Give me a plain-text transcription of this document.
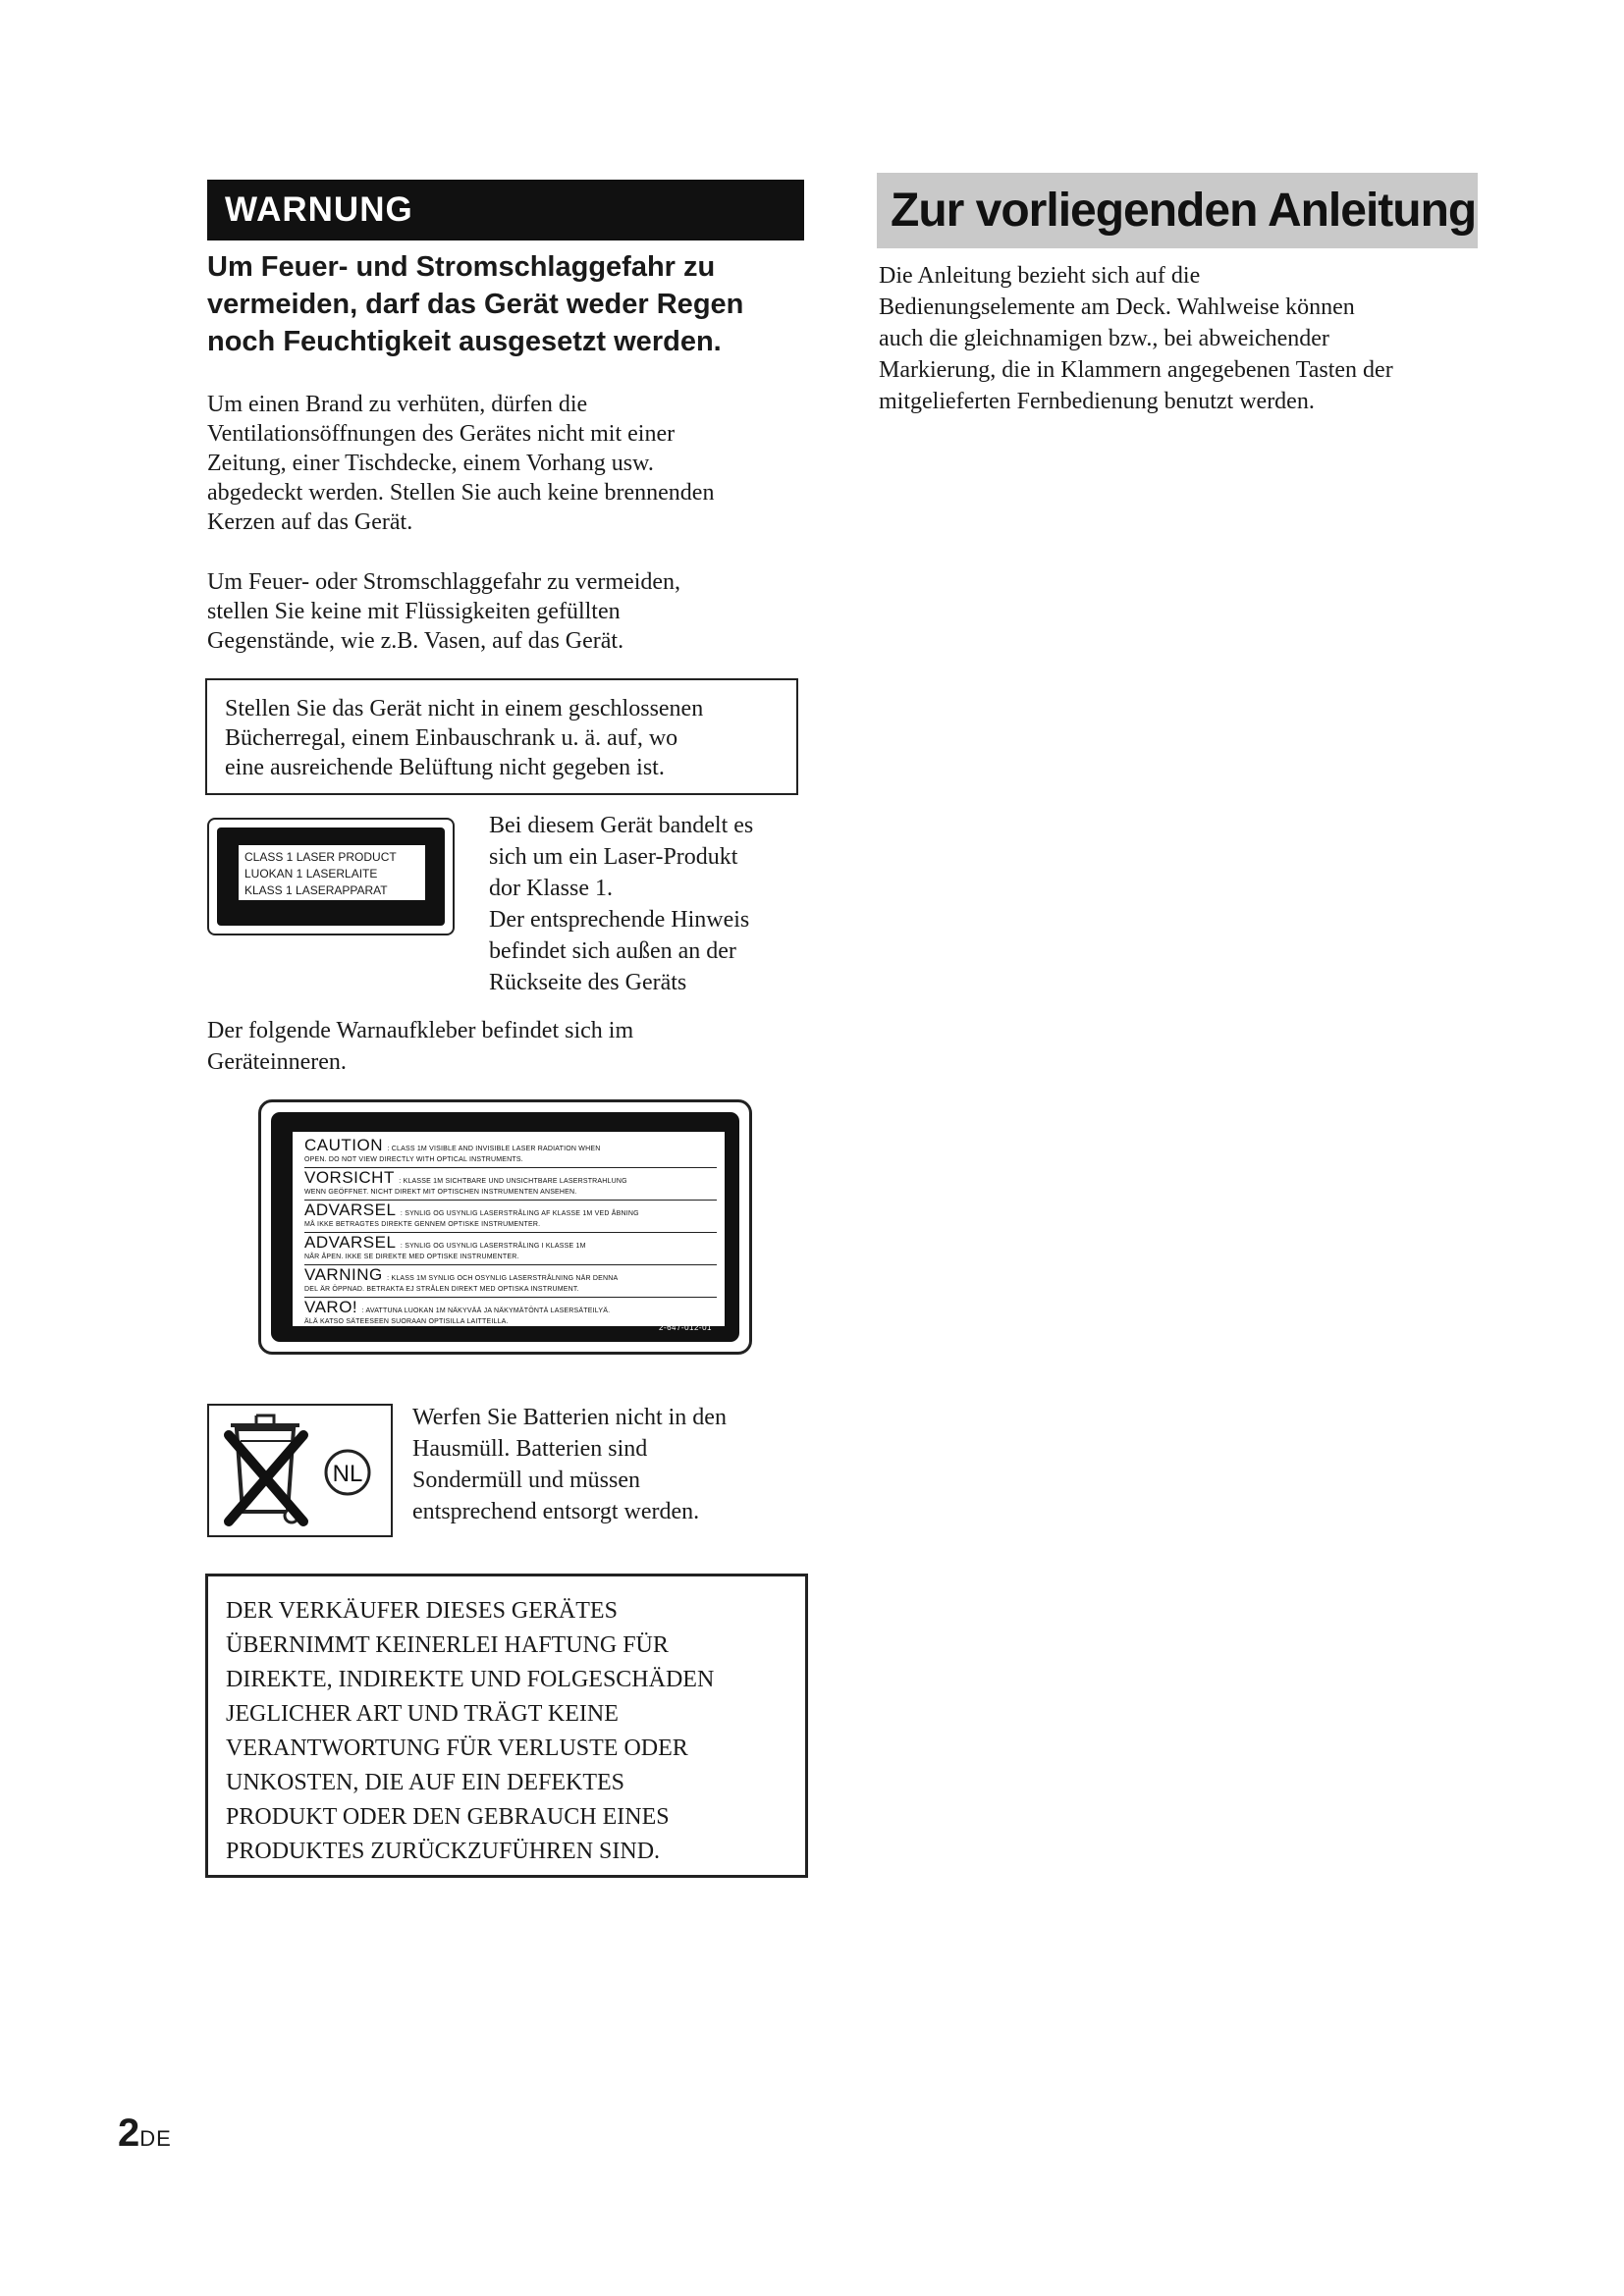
WARNUNG
Um Feuer- und Stromschlaggefahr zu
vermeiden, darf das Gerät weder Regen
noch Feuchtigkeit ausgesetzt werden.
Um einen Brand zu verhüten, dürfen die
Ventilationsöffnungen des Gerätes nicht mit einer
Zeitung, einer Tischdecke, einem Vorhang usw.
abgedeckt werden. Stellen Sie auch keine brennenden
Kerzen auf das Gerät.
Um Feuer- oder Stromschlaggefahr zu vermeiden,
stellen Sie keine mit Flüssigkeiten gefüllten
Gegenstände, wie z.B. Vasen, auf das Gerät.
Stellen Sie das Gerät nicht in einem geschlossenen
Bücherregal, einem Einbauschrank u. ä. auf, wo
eine ausreichende Belüftung nicht gegeben ist.
CLASS 1 LASER PRODUCT
LUOKAN 1 LASERLAITE
KLASS 1 LASERAPPARAT
Bei diesem Gerät bandelt es
sich um ein Laser-Produkt
dor Klasse 1.
Der entsprechende Hinweis
befindet sich außen an der
Rückseite des Geräts
Der folgende Warnaufkleber befindet sich im
Geräteinneren.
CAUTION : CLASS 1M VISIBLE AND INVISIBLE LASER RADIATION WHEN
OPEN. DO NOT VIEW DIRECTLY WITH OPTICAL INSTRUMENTS.
VORSICHT : KLASSE 1M SICHTBARE UND UNSICHTBARE LASERSTRAHLUNG
WENN GEÖFFNET. NICHT DIREKT MIT OPTISCHEN INSTRUMENTEN ANSEHEN.
ADVARSEL : SYNLIG OG USYNLIG LASERSTRÅLING AF KLASSE 1M VED ÅBNING
MÅ IKKE BETRAGTES DIREKTE GENNEM OPTISKE INSTRUMENTER.
ADVARSEL : SYNLIG OG USYNLIG LASERSTRÅLING I KLASSE 1M
NÅR ÅPEN. IKKE SE DIREKTE MED OPTISKE INSTRUMENTER.
VARNING : KLASS 1M SYNLIG OCH OSYNLIG LASERSTRÅLNING NÄR DENNA
DEL ÄR ÖPPNAD. BETRAKTA EJ STRÅLEN DIREKT MED OPTISKA INSTRUMENT.
VARO! : AVATTUNA LUOKAN 1M NÄKYVÄÄ JA NÄKYMÄTÖNTÄ LASERSÄTEILYÄ.
ÄLÄ KATSO SÄTEESEEN SUORAAN OPTISILLA LAITTEILLA.
2-647-012-01
NL
Werfen Sie Batterien nicht in den
Hausmüll. Batterien sind
Sondermüll und müssen
entsprechend entsorgt werden.
DER VERKÄUFER DIESES GERÄTES
ÜBERNIMMT KEINERLEI HAFTUNG FÜR
DIREKTE, INDIREKTE UND FOLGESCHÄDEN
JEGLICHER ART UND TRÄGT KEINE
VERANTWORTUNG FÜR VERLUSTE ODER
UNKOSTEN, DIE AUF EIN DEFEKTES
PRODUKT ODER DEN GEBRAUCH EINES
PRODUKTES ZURÜCKZUFÜHREN SIND.
Zur vorliegenden Anleitung
Die Anleitung bezieht sich auf die
Bedienungselemente am Deck. Wahlweise können
auch die gleichnamigen bzw., bei abweichender
Markierung, die in Klammern angegebenen Tasten der
mitgelieferten Fernbedienung benutzt werden.
2DE
